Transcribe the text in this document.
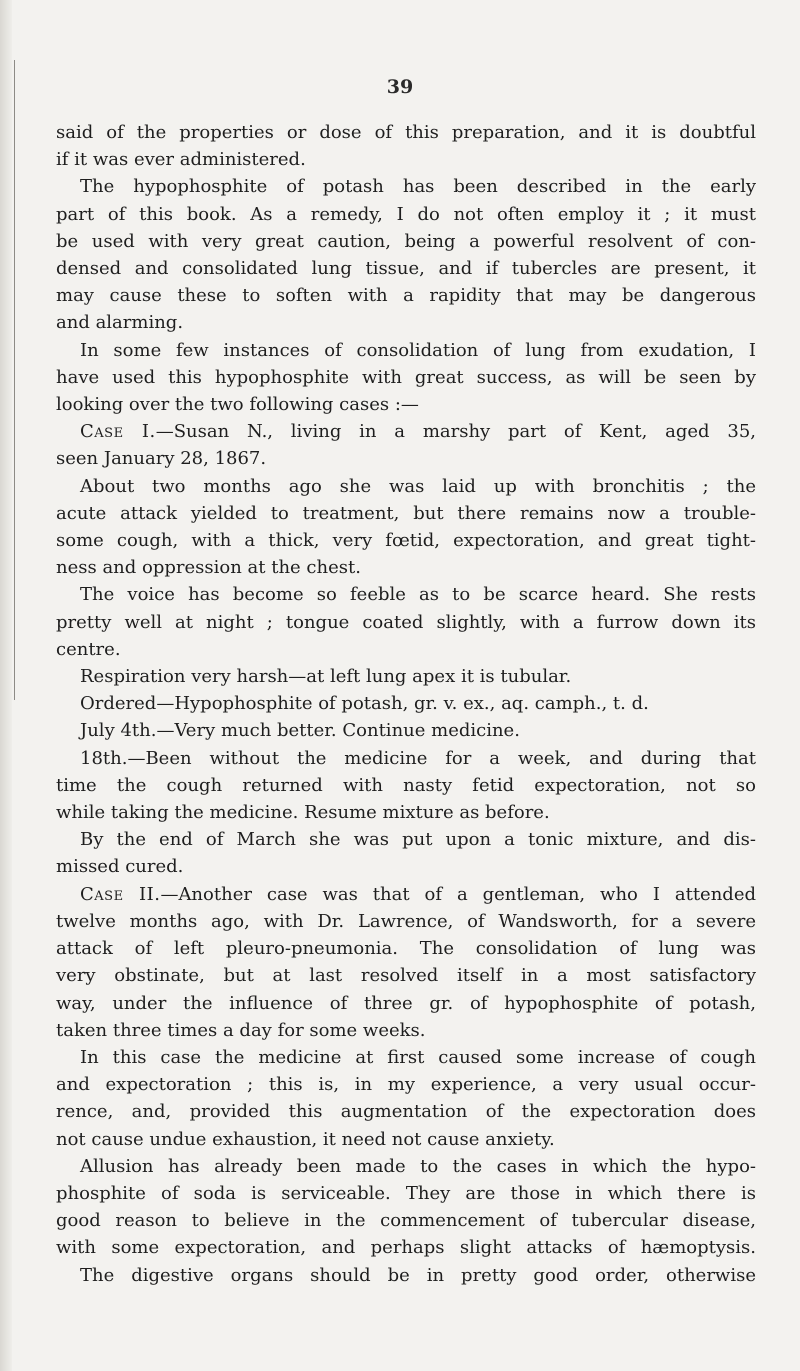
39
said of the properties or dose of this preparation, and it is doubtful
if it was ever administered.
The hypophosphite of potash has been described in the early
part of this book. As a remedy, I do not often employ it ; it must
be used with very great caution, being a powerful resolvent of con-
densed and consolidated lung tissue, and if tubercles are present, it
may cause these to soften with a rapidity that may be dangerous
and alarming.
In some few instances of consolidation of lung from exudation, I
have used this hypophosphite with great success, as will be seen by
looking over the two following cases :—
Case I.—Susan N., living in a marshy part of Kent, aged 35,
seen January 28, 1867.
About two months ago she was laid up with bronchitis ; the
acute attack yielded to treatment, but there remains now a trouble-
some cough, with a thick, very fœtid, expectoration, and great tight-
ness and oppression at the chest.
The voice has become so feeble as to be scarce heard. She rests
pretty well at night ; tongue coated slightly, with a furrow down its
centre.
Respiration very harsh—at left lung apex it is tubular.
Ordered—Hypophosphite of potash, gr. v. ex., aq. camph., t. d.
July 4th.—Very much better. Continue medicine.
18th.—Been without the medicine for a week, and during that
time the cough returned with nasty fetid expectoration, not so
while taking the medicine. Resume mixture as before.
By the end of March she was put upon a tonic mixture, and dis-
missed cured.
Case II.—Another case was that of a gentleman, who I attended
twelve months ago, with Dr. Lawrence, of Wandsworth, for a severe
attack of left pleuro-pneumonia. The consolidation of lung was
very obstinate, but at last resolved itself in a most satisfactory
way, under the influence of three gr. of hypophosphite of potash,
taken three times a day for some weeks.
In this case the medicine at first caused some increase of cough
and expectoration ; this is, in my experience, a very usual occur-
rence, and, provided this augmentation of the expectoration does
not cause undue exhaustion, it need not cause anxiety.
Allusion has already been made to the cases in which the hypo-
phosphite of soda is serviceable. They are those in which there is
good reason to believe in the commencement of tubercular disease,
with some expectoration, and perhaps slight attacks of hæmoptysis.
The digestive organs should be in pretty good order, otherwise
